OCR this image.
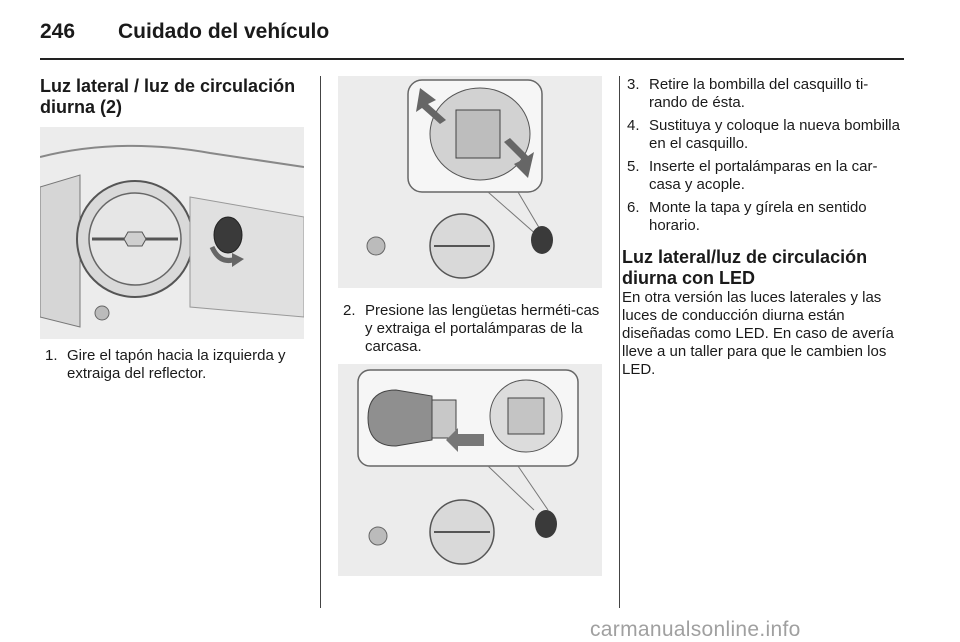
246 Cuidado del vehículo
Luz lateral / luz de circulación diurna (2)
1. Gire el tapón hacia la izquierda y extraiga del reflector.
2. Presione las lengüetas herméti-cas y extraiga el portalámparas de la carcasa.
3. Retire la bombilla del casquillo ti-rando de ésta.
4. Sustituya y coloque la nueva bombilla en el casquillo.
5. Inserte el portalámparas en la car-casa y acople.
6. Monte la tapa y gírela en sentido horario.
Luz lateral/luz de circulación diurna con LED

En otra versión las luces laterales y las luces de conducción diurna están diseñadas como LED. En caso de avería lleve a un taller para que le cambien los LED.

carmanualsonline.info
